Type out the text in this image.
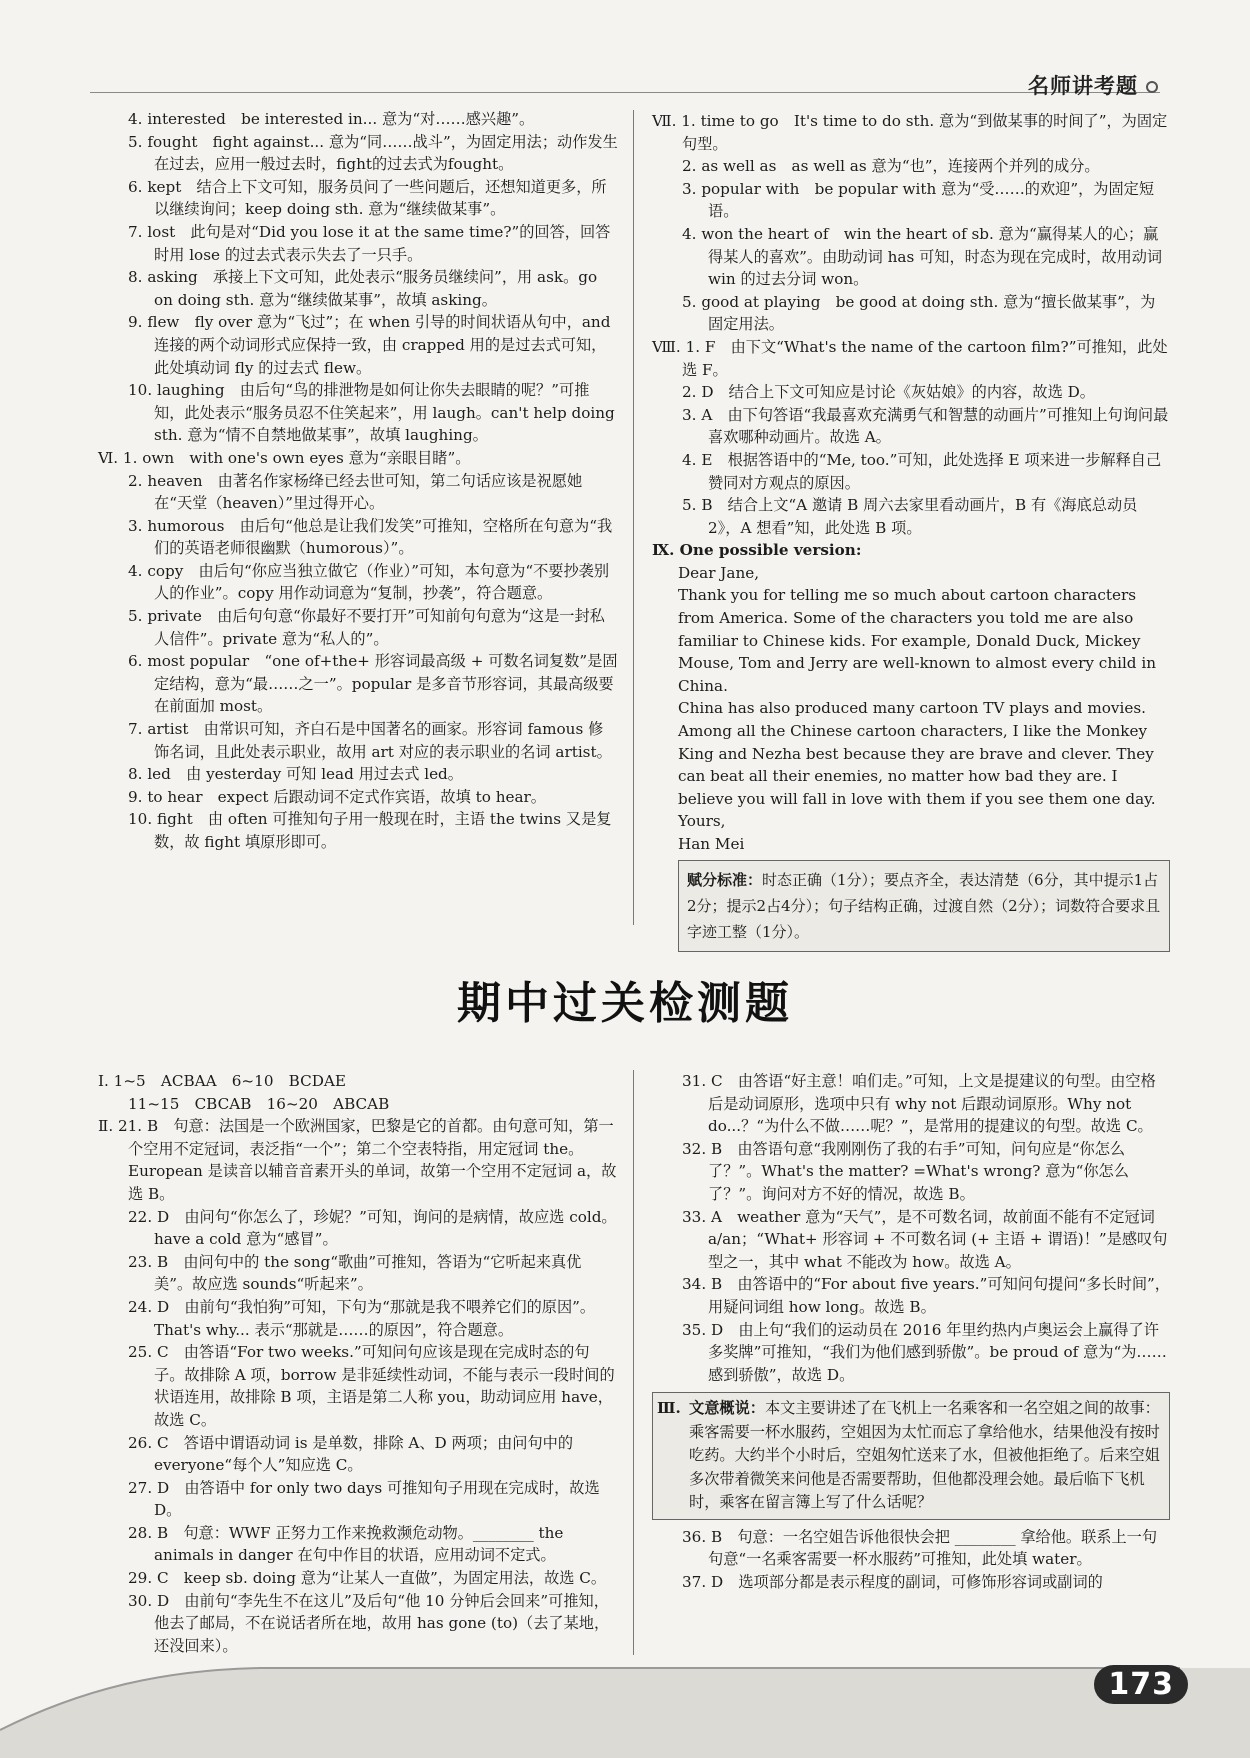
名师讲考题

4. interested　be interested in... 意为“对……感兴趣”。

5. fought　fight against... 意为“同……战斗”，为固定用法；动作发生在过去，应用一般过去时，fight的过去式为fought。

6. kept　结合上下文可知，服务员问了一些问题后，还想知道更多，所以继续询问；keep doing sth. 意为“继续做某事”。

7. lost　此句是对“Did you lose it at the same time?”的回答，回答时用 lose 的过去式表示失去了一只手。

8. asking　承接上下文可知，此处表示“服务员继续问”，用 ask。go on doing sth. 意为“继续做某事”，故填 asking。

9. flew　fly over 意为“飞过”；在 when 引导的时间状语从句中，and 连接的两个动词形式应保持一致，由 crapped 用的是过去式可知，此处填动词 fly 的过去式 flew。

10. laughing　由后句“鸟的排泄物是如何让你失去眼睛的呢？”可推知，此处表示“服务员忍不住笑起来”，用 laugh。can't help doing sth. 意为“情不自禁地做某事”，故填 laughing。

Ⅵ. 1. own　with one's own eyes 意为“亲眼目睹”。

2. heaven　由著名作家杨绛已经去世可知，第二句话应该是祝愿她在“天堂（heaven）”里过得开心。

3. humorous　由后句“他总是让我们发笑”可推知，空格所在句意为“我们的英语老师很幽默（humorous）”。

4. copy　由后句“你应当独立做它（作业）”可知，本句意为“不要抄袭别人的作业”。copy 用作动词意为“复制，抄袭”，符合题意。

5. private　由后句句意“你最好不要打开”可知前句句意为“这是一封私人信件”。private 意为“私人的”。

6. most popular　“one of+the+ 形容词最高级 + 可数名词复数”是固定结构，意为“最……之一”。popular 是多音节形容词，其最高级要在前面加 most。

7. artist　由常识可知，齐白石是中国著名的画家。形容词 famous 修饰名词，且此处表示职业，故用 art 对应的表示职业的名词 artist。

8. led　由 yesterday 可知 lead 用过去式 led。

9. to hear　expect 后跟动词不定式作宾语，故填 to hear。

10. fight　由 often 可推知句子用一般现在时，主语 the twins 又是复数，故 fight 填原形即可。

Ⅶ. 1. time to go　It's time to do sth. 意为“到做某事的时间了”，为固定句型。

2. as well as　as well as 意为“也”，连接两个并列的成分。

3. popular with　be popular with 意为“受……的欢迎”，为固定短语。

4. won the heart of　win the heart of sb. 意为“赢得某人的心；赢得某人的喜欢”。由助动词 has 可知，时态为现在完成时，故用动词 win 的过去分词 won。

5. good at playing　be good at doing sth. 意为“擅长做某事”，为固定用法。

Ⅷ. 1. F　由下文“What's the name of the cartoon film?”可推知，此处选 F。

2. D　结合上下文可知应是讨论《灰姑娘》的内容，故选 D。

3. A　由下句答语“我最喜欢充满勇气和智慧的动画片”可推知上句询问最喜欢哪种动画片。故选 A。

4. E　根据答语中的“Me, too.”可知，此处选择 E 项来进一步解释自己赞同对方观点的原因。

5. B　结合上文“A 邀请 B 周六去家里看动画片，B 有《海底总动员 2》，A 想看”知，此处选 B 项。

Ⅸ. One possible version:

Dear Jane,

Thank you for telling me so much about cartoon characters from America. Some of the characters you told me are also familiar to Chinese kids. For example, Donald Duck, Mickey Mouse, Tom and Jerry are well-known to almost every child in China.

China has also produced many cartoon TV plays and movies. Among all the Chinese cartoon characters, I like the Monkey King and Nezha best because they are brave and clever. They can beat all their enemies, no matter how bad they are. I believe you will fall in love with them if you see them one day.

Yours,

Han Mei

赋分标准：时态正确（1分）；要点齐全，表达清楚（6分，其中提示1占2分；提示2占4分）；句子结构正确，过渡自然（2分）；词数符合要求且字迹工整（1分）。
期中过关检测题

Ⅰ. 1~5　ACBAA　6~10　BCDAE

11~15　CBCAB　16~20　ABCAB

Ⅱ. 21. B　句意：法国是一个欧洲国家，巴黎是它的首都。由句意可知，第一个空用不定冠词，表泛指“一个”；第二个空表特指，用定冠词 the。European 是读音以辅音音素开头的单词，故第一个空用不定冠词 a，故选 B。

22. D　由问句“你怎么了，珍妮？”可知，询问的是病情，故应选 cold。have a cold 意为“感冒”。

23. B　由问句中的 the song“歌曲”可推知，答语为“它听起来真优美”。故应选 sounds“听起来”。

24. D　由前句“我怕狗”可知，下句为“那就是我不喂养它们的原因”。That's why... 表示“那就是……的原因”，符合题意。

25. C　由答语“For two weeks.”可知问句应该是现在完成时态的句子。故排除 A 项，borrow 是非延续性动词，不能与表示一段时间的状语连用，故排除 B 项，主语是第二人称 you，助动词应用 have，故选 C。

26. C　答语中谓语动词 is 是单数，排除 A、D 两项；由问句中的 everyone“每个人”知应选 C。

27. D　由答语中 for only two days 可推知句子用现在完成时，故选 D。

28. B　句意：WWF 正努力工作来挽救濒危动物。________ the animals in danger 在句中作目的状语，应用动词不定式。

29. C　keep sb. doing 意为“让某人一直做”，为固定用法，故选 C。

30. D　由前句“李先生不在这儿”及后句“他 10 分钟后会回来”可推知，他去了邮局，不在说话者所在地，故用 has gone (to)（去了某地，还没回来）。

31. C　由答语“好主意！咱们走。”可知，上文是提建议的句型。由空格后是动词原形，选项中只有 why not 后跟动词原形。Why not do...？“为什么不做……呢？”，是常用的提建议的句型。故选 C。

32. B　由答语句意“我刚刚伤了我的右手”可知，问句应是“你怎么了？”。What's the matter? =What's wrong? 意为“你怎么了？”。询问对方不好的情况，故选 B。

33. A　weather 意为“天气”，是不可数名词，故前面不能有不定冠词 a/an；“What+ 形容词 + 不可数名词 (+ 主语 + 谓语)！”是感叹句型之一，其中 what 不能改为 how。故选 A。

34. B　由答语中的“For about five years.”可知问句提问“多长时间”，用疑问词组 how long。故选 B。

35. D　由上句“我们的运动员在 2016 年里约热内卢奥运会上赢得了许多奖牌”可推知，“我们为他们感到骄傲”。be proud of 意为“为……感到骄傲”，故选 D。

Ⅲ. 文意概说：本文主要讲述了在飞机上一名乘客和一名空姐之间的故事：乘客需要一杯水服药，空姐因为太忙而忘了拿给他水，结果他没有按时吃药。大约半个小时后，空姐匆忙送来了水，但被他拒绝了。后来空姐多次带着微笑来问他是否需要帮助，但他都没理会她。最后临下飞机时，乘客在留言簿上写了什么话呢？

36. B　句意：一名空姐告诉他很快会把 ________ 拿给他。联系上一句句意“一名乘客需要一杯水服药”可推知，此处填 water。

37. D　选项部分都是表示程度的副词，可修饰形容词或副词的

173
